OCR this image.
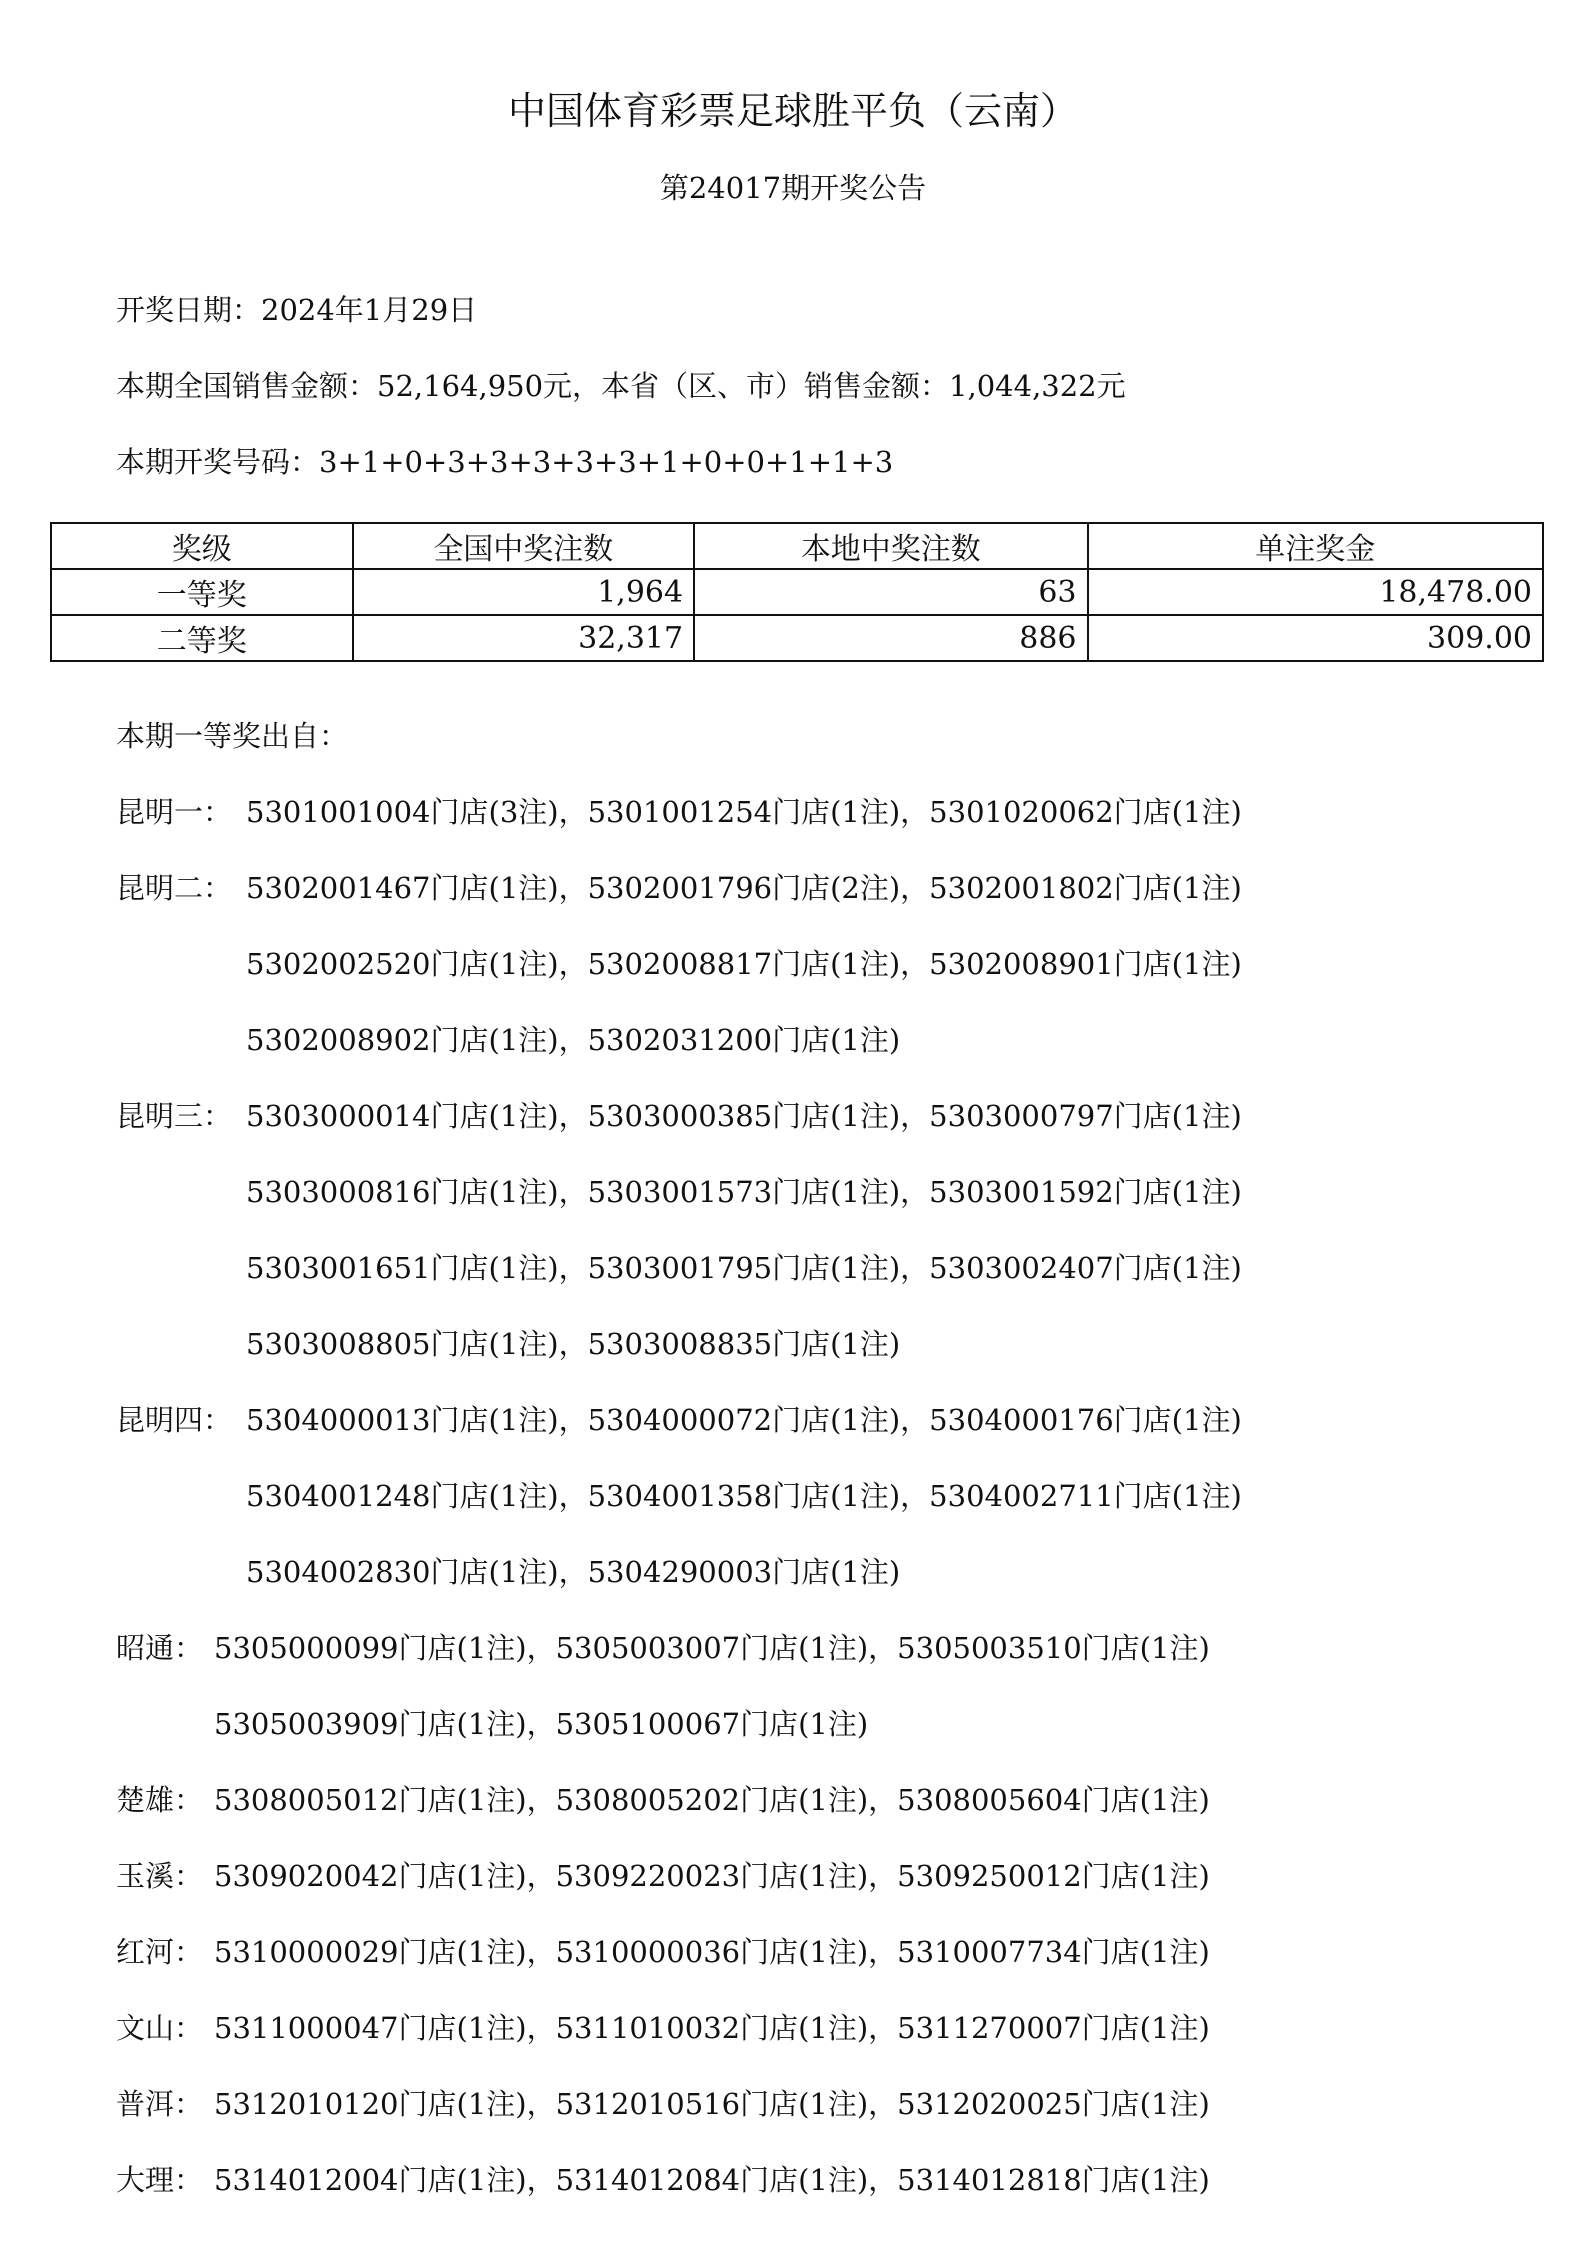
中国体育彩票足球胜平负（云南）
第24017期开奖公告
开奖日期：2024年1月29日
本期全国销售金额：52,164,950元，本省（区、市）销售金额：1,044,322元
本期开奖号码：3+1+0+3+3+3+3+3+1+0+0+1+1+3
奖级	全国中奖注数	本地中奖注数	单注奖金
一等奖	1,964	63	18,478.00
二等奖	32,317	886	309.00
本期一等奖出自：
昆明一： 5301001004门店(3注)，5301001254门店(1注)，5301020062门店(1注)
昆明二： 5302001467门店(1注)，5302001796门店(2注)，5302001802门店(1注)
5302002520门店(1注)，5302008817门店(1注)，5302008901门店(1注)
5302008902门店(1注)，5302031200门店(1注)
昆明三： 5303000014门店(1注)，5303000385门店(1注)，5303000797门店(1注)
5303000816门店(1注)，5303001573门店(1注)，5303001592门店(1注)
5303001651门店(1注)，5303001795门店(1注)，5303002407门店(1注)
5303008805门店(1注)，5303008835门店(1注)
昆明四： 5304000013门店(1注)，5304000072门店(1注)，5304000176门店(1注)
5304001248门店(1注)，5304001358门店(1注)，5304002711门店(1注)
5304002830门店(1注)，5304290003门店(1注)
昭通： 5305000099门店(1注)，5305003007门店(1注)，5305003510门店(1注)
5305003909门店(1注)，5305100067门店(1注)
楚雄： 5308005012门店(1注)，5308005202门店(1注)，5308005604门店(1注)
玉溪： 5309020042门店(1注)，5309220023门店(1注)，5309250012门店(1注)
红河： 5310000029门店(1注)，5310000036门店(1注)，5310007734门店(1注)
文山： 5311000047门店(1注)，5311010032门店(1注)，5311270007门店(1注)
普洱： 5312010120门店(1注)，5312010516门店(1注)，5312020025门店(1注)
大理： 5314012004门店(1注)，5314012084门店(1注)，5314012818门店(1注)
